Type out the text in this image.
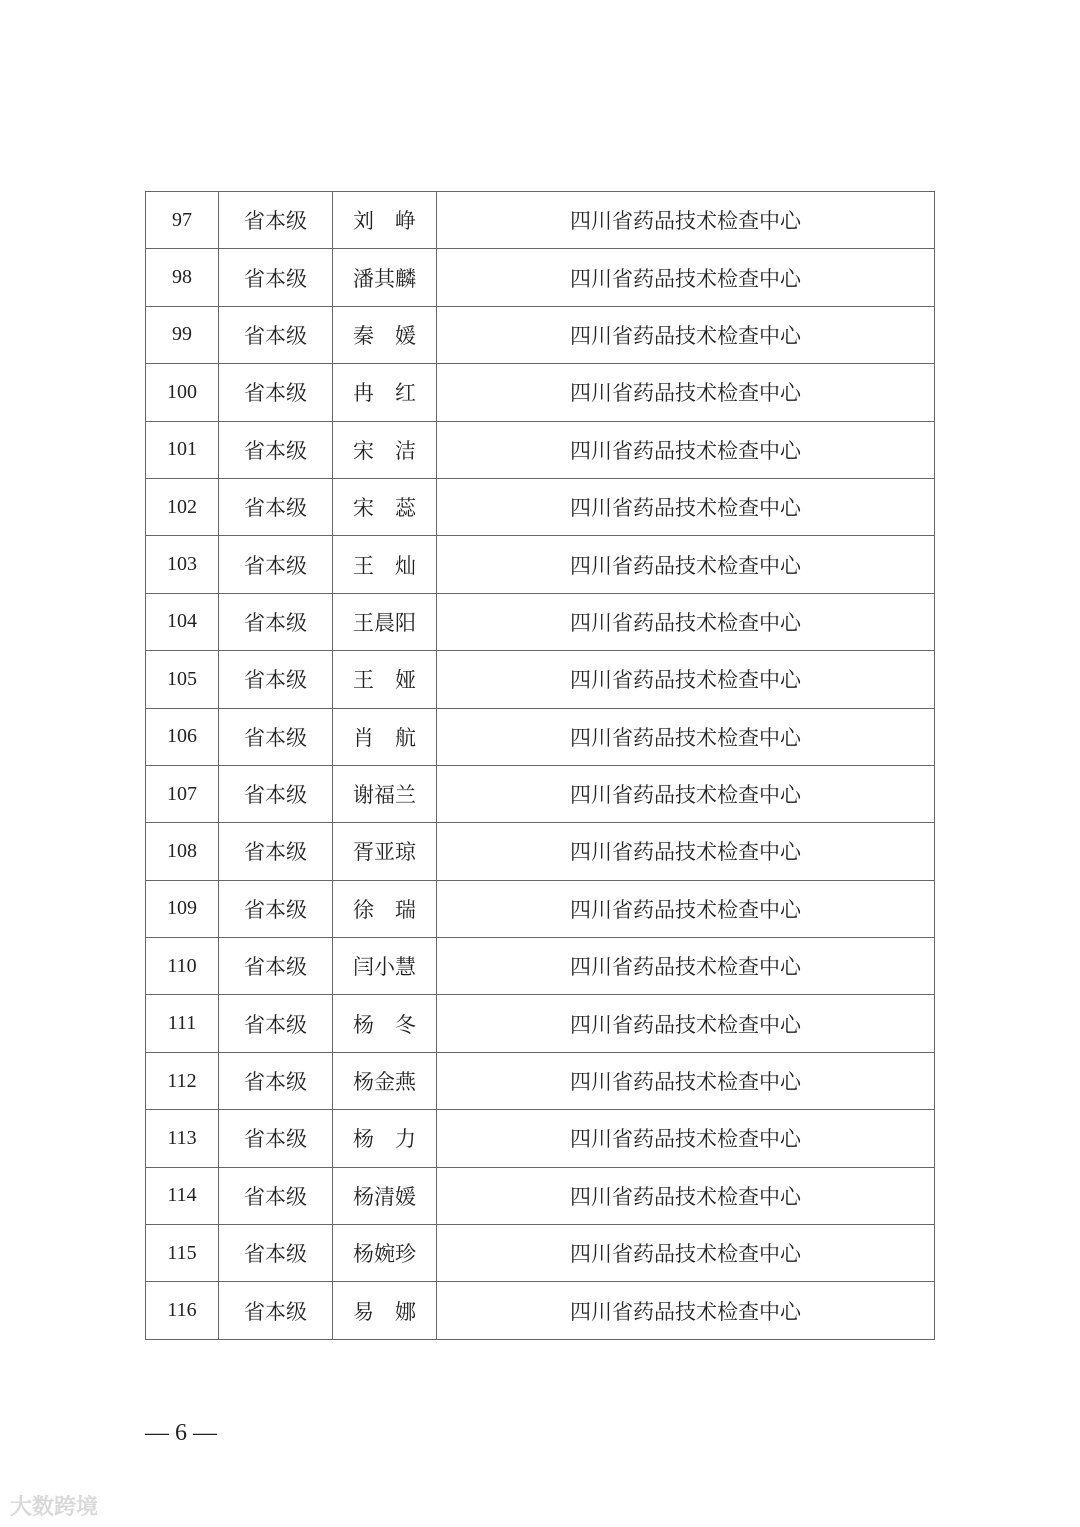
97	省本级	刘　峥	四川省药品技术检查中心
98	省本级	潘其麟	四川省药品技术检查中心
99	省本级	秦　媛	四川省药品技术检查中心
100	省本级	冉　红	四川省药品技术检查中心
101	省本级	宋　洁	四川省药品技术检查中心
102	省本级	宋　蕊	四川省药品技术检查中心
103	省本级	王　灿	四川省药品技术检查中心
104	省本级	王晨阳	四川省药品技术检查中心
105	省本级	王　娅	四川省药品技术检查中心
106	省本级	肖　航	四川省药品技术检查中心
107	省本级	谢福兰	四川省药品技术检查中心
108	省本级	胥亚琼	四川省药品技术检查中心
109	省本级	徐　瑞	四川省药品技术检查中心
110	省本级	闫小慧	四川省药品技术检查中心
111	省本级	杨　冬	四川省药品技术检查中心
112	省本级	杨金燕	四川省药品技术检查中心
113	省本级	杨　力	四川省药品技术检查中心
114	省本级	杨清媛	四川省药品技术检查中心
115	省本级	杨婉珍	四川省药品技术检查中心
116	省本级	易　娜	四川省药品技术检查中心
— 6 —
大数跨境
